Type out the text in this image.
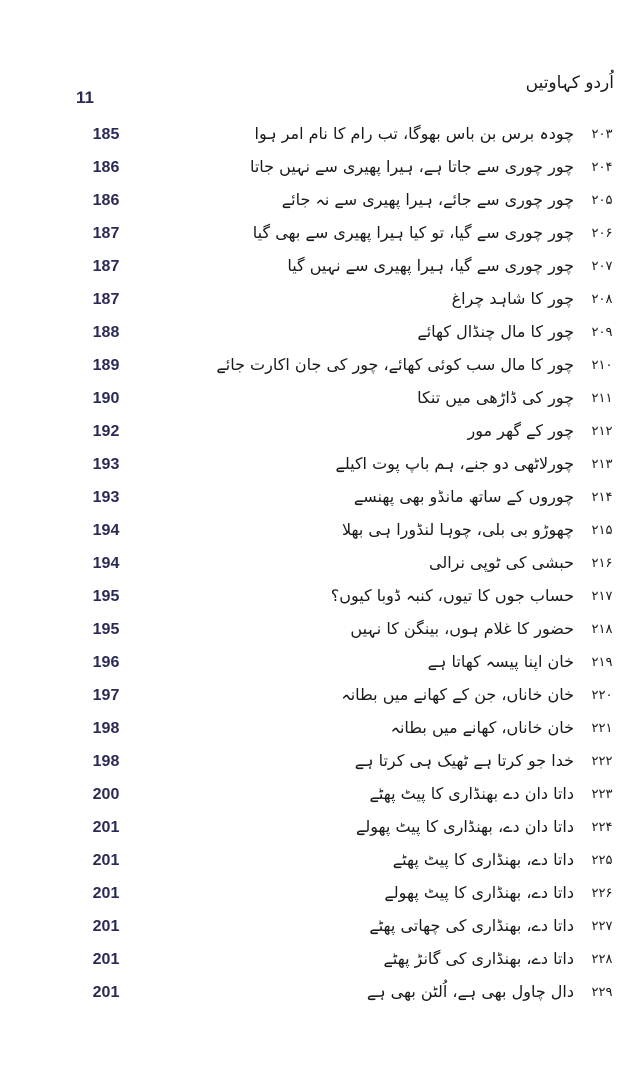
اُردو کہاوتیں
11
185	چودہ برس بن باس بھوگا، تب رام کا نام امر ہوا	۲۰۳
186	چور چوری سے جاتا ہے، ہیرا پھیری سے نہیں جاتا	۲۰۴
186	چور چوری سے جائے، ہیرا پھیری سے نہ جائے	۲۰۵
187	چور چوری سے گیا، تو کیا ہیرا پھیری سے بھی گیا	۲۰۶
187	چور چوری سے گیا، ہیرا پھیری سے نہیں گیا	۲۰۷
187	چور کا شاہد چراغ	۲۰۸
188	چور کا مال چنڈال کھائے	۲۰۹
189	چور کا مال سب کوئی کھائے، چور کی جان اکارت جائے	۲۱۰
190	چور کی ڈاڑھی میں تنکا	۲۱۱
192	چور کے گھر مور	۲۱۲
193	چورلاٹھی دو جنے، ہم باپ پوت اکیلے	۲۱۳
193	چوروں کے ساتھ مانڈو بھی پھنسے	۲۱۴
194	چھوڑو بی بلی، چوہا لنڈورا ہی بھلا	۲۱۵
194	حبشی کی ٹوپی نرالی	۲۱۶
195	حساب جوں کا تیوں، کنبہ ڈوبا کیوں؟	۲۱۷
195	حضور کا غلام ہوں، بینگن کا نہیں	۲۱۸
196	خان اپنا پیسہ کھاتا ہے	۲۱۹
197	خان خاناں، جن کے کھانے میں بطانہ	۲۲۰
198	خان خاناں، کھانے میں بطانہ	۲۲۱
198	خدا جو کرتا ہے ٹھیک ہی کرتا ہے	۲۲۲
200	داتا دان دے بھنڈاری کا پیٹ پھٹے	۲۲۳
201	داتا دان دے، بھنڈاری کا پیٹ پھولے	۲۲۴
201	داتا دے، بھنڈاری کا پیٹ پھٹے	۲۲۵
201	داتا دے، بھنڈاری کا پیٹ پھولے	۲۲۶
201	داتا دے، بھنڈاری کی چھاتی پھٹے	۲۲۷
201	داتا دے، بھنڈاری کی گانڑ پھٹے	۲۲۸
201	دال چاول بھی ہے، اُلٹن بھی ہے	۲۲۹
